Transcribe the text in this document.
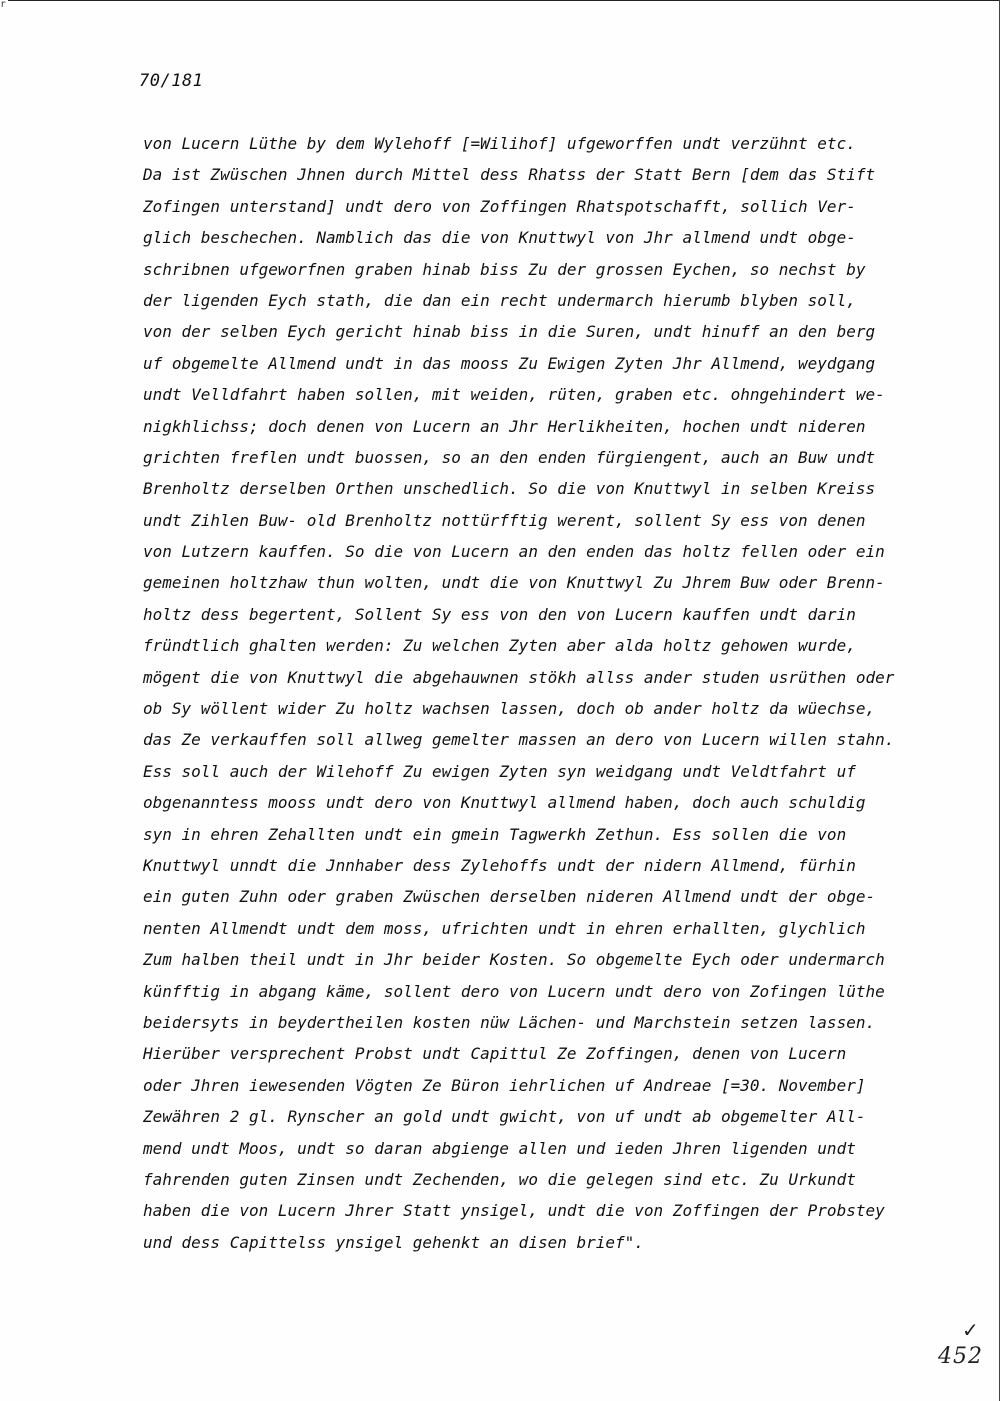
r
70/181
von Lucern Lüthe by dem Wylehoff [=Wilihof] ufgeworffen undt verzühnt etc.
Da ist Zwüschen Jhnen durch Mittel dess Rhatss der Statt Bern [dem das Stift
Zofingen unterstand] undt dero von Zoffingen Rhatspotschafft, sollich Ver-
glich beschechen. Namblich das die von Knuttwyl von Jhr allmend undt obge-
schribnen ufgeworfnen graben hinab biss Zu der grossen Eychen, so nechst by
der ligenden Eych stath, die dan ein recht undermarch hierumb blyben soll,
von der selben Eych gericht hinab biss in die Suren, undt hinuff an den berg
uf obgemelte Allmend undt in das mooss Zu Ewigen Zyten Jhr Allmend, weydgang
undt Velldfahrt haben sollen, mit weiden, rüten, graben etc. ohngehindert we-
nigkhlichss; doch denen von Lucern an Jhr Herlikheiten, hochen undt nideren
grichten freflen undt buossen, so an den enden fürgiengent, auch an Buw undt
Brenholtz derselben Orthen unschedlich. So die von Knuttwyl in selben Kreiss
undt Zihlen Buw- old Brenholtz nottürfftig werent, sollent Sy ess von denen
von Lutzern kauffen. So die von Lucern an den enden das holtz fellen oder ein
gemeinen holtzhaw thun wolten, undt die von Knuttwyl Zu Jhrem Buw oder Brenn-
holtz dess begertent, Sollent Sy ess von den von Lucern kauffen undt darin
fründtlich ghalten werden: Zu welchen Zyten aber alda holtz gehowen wurde,
mögent die von Knuttwyl die abgehauwnen stökh allss ander studen usrüthen oder
ob Sy wöllent wider Zu holtz wachsen lassen, doch ob ander holtz da wüechse,
das Ze verkauffen soll allweg gemelter massen an dero von Lucern willen stahn.
Ess soll auch der Wilehoff Zu ewigen Zyten syn weidgang undt Veldtfahrt uf
obgenanntess mooss undt dero von Knuttwyl allmend haben, doch auch schuldig
syn in ehren Zehallten undt ein gmein Tagwerkh Zethun. Ess sollen die von
Knuttwyl unndt die Jnnhaber dess Zylehoffs undt der nidern Allmend, fürhin
ein guten Zuhn oder graben Zwüschen derselben nideren Allmend undt der obge-
nenten Allmendt undt dem moss, ufrichten undt in ehren erhallten, glychlich
Zum halben theil undt in Jhr beider Kosten. So obgemelte Eych oder undermarch
künfftig in abgang käme, sollent dero von Lucern undt dero von Zofingen lüthe
beidersyts in beydertheilen kosten nüw Lächen- und Marchstein setzen lassen.
Hierüber versprechent Probst undt Capittul Ze Zoffingen, denen von Lucern
oder Jhren iewesenden Vögten Ze Büron iehrlichen uf Andreae [=30. November]
Zewähren 2 gl. Rynscher an gold undt gwicht, von uf undt ab obgemelter All-
mend undt Moos, undt so daran abgienge allen und ieden Jhren ligenden undt
fahrenden guten Zinsen undt Zechenden, wo die gelegen sind etc. Zu Urkundt
haben die von Lucern Jhrer Statt ynsigel, undt die von Zoffingen der Probstey
und dess Capittelss ynsigel gehenkt an disen brief".
✓
452
